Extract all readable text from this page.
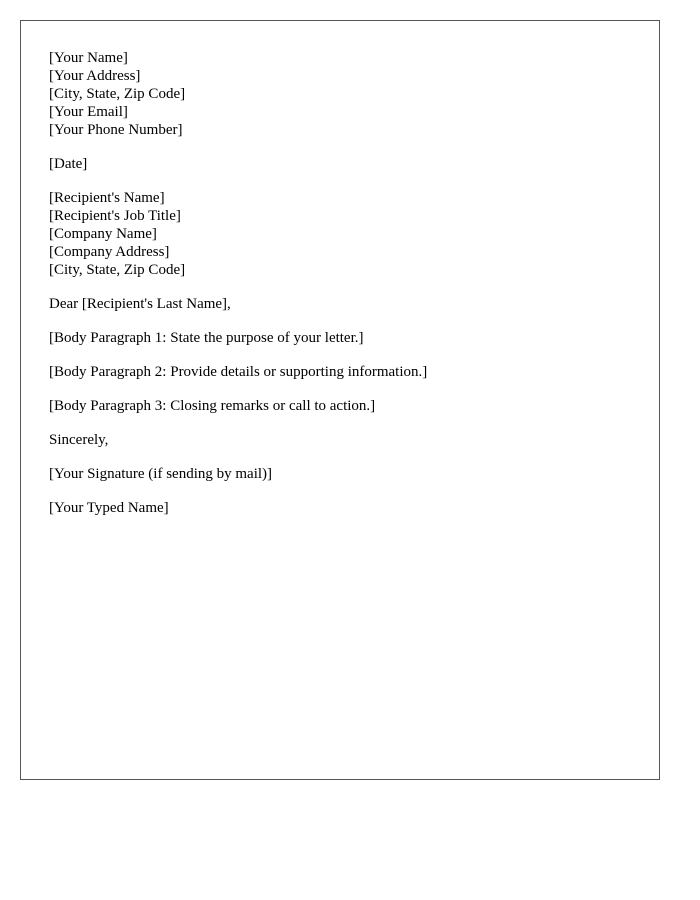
[Your Name]
[Your Address]
[City, State, Zip Code]
[Your Email]
[Your Phone Number]
[Date]
[Recipient's Name]
[Recipient's Job Title]
[Company Name]
[Company Address]
[City, State, Zip Code]
Dear [Recipient's Last Name],
[Body Paragraph 1: State the purpose of your letter.]
[Body Paragraph 2: Provide details or supporting information.]
[Body Paragraph 3: Closing remarks or call to action.]
Sincerely,
[Your Signature (if sending by mail)]
[Your Typed Name]
